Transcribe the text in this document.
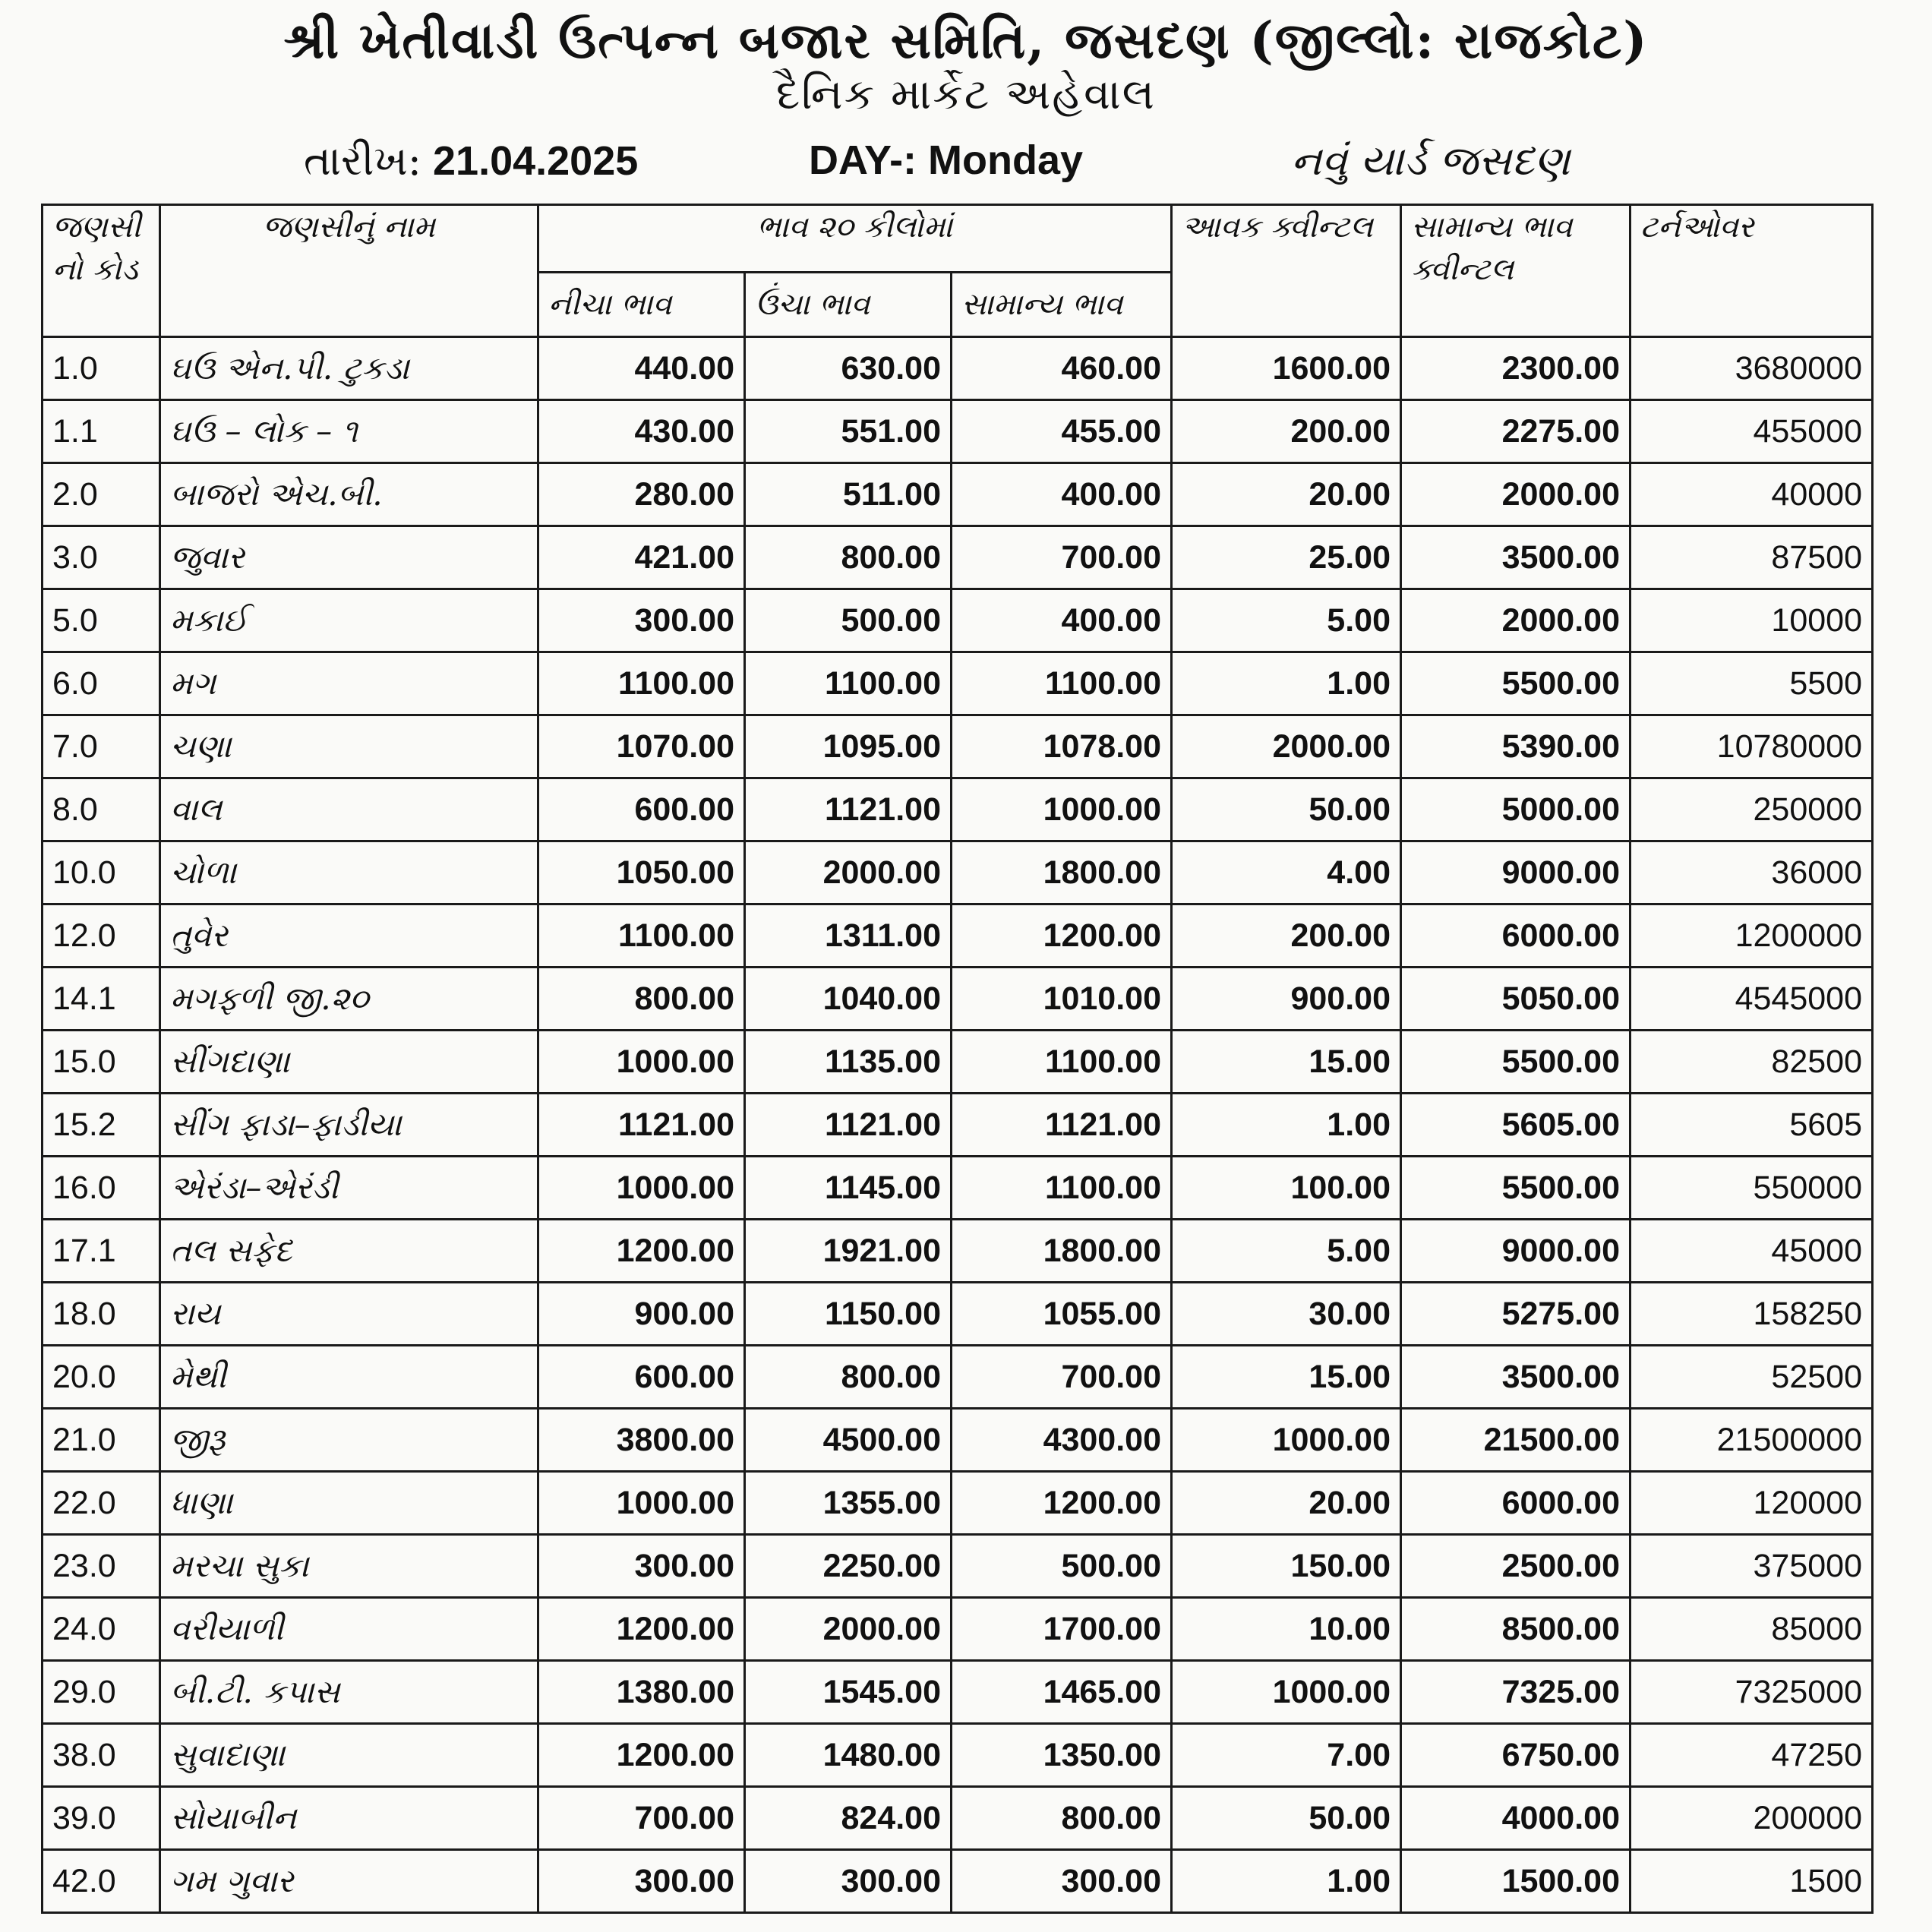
શ્રી ખેતીવાડી ઉત્પન્ન બજાર સમિતિ, જસદણ (જીલ્લો: રાજકોટ)
દૈનિક માર્કેટ અહેવાલ
તારીખ: 21.04.2025	DAY-: Monday	નવું યાર્ડ જસદણ
જણસી નો કોડ	જણસીનું નામ	ભાવ ૨૦ કીલોમાં			આવક ક્વીન્ટલ	સામાન્ય ભાવ ક્વીન્ટલ	ટર્નઓવર
		નીચા ભાવ	ઉંચા ભાવ	સામાન્ય ભાવ			
1.0	ઘઉ એન.પી. ટુકડા	440.00	630.00	460.00	1600.00	2300.00	3680000
1.1	ઘઉ – લોક – ૧	430.00	551.00	455.00	200.00	2275.00	455000
2.0	બાજરો એચ.બી.	280.00	511.00	400.00	20.00	2000.00	40000
3.0	જુવાર	421.00	800.00	700.00	25.00	3500.00	87500
5.0	મકાઈ	300.00	500.00	400.00	5.00	2000.00	10000
6.0	મગ	1100.00	1100.00	1100.00	1.00	5500.00	5500
7.0	ચણા	1070.00	1095.00	1078.00	2000.00	5390.00	10780000
8.0	વાલ	600.00	1121.00	1000.00	50.00	5000.00	250000
10.0	ચોળા	1050.00	2000.00	1800.00	4.00	9000.00	36000
12.0	તુવેર	1100.00	1311.00	1200.00	200.00	6000.00	1200000
14.1	મગફળી જી.૨૦	800.00	1040.00	1010.00	900.00	5050.00	4545000
15.0	સીંગદાણા	1000.00	1135.00	1100.00	15.00	5500.00	82500
15.2	સીંગ ફાડા–ફાડીયા	1121.00	1121.00	1121.00	1.00	5605.00	5605
16.0	એરંડા–એરંડી	1000.00	1145.00	1100.00	100.00	5500.00	550000
17.1	તલ સફેદ	1200.00	1921.00	1800.00	5.00	9000.00	45000
18.0	રાય	900.00	1150.00	1055.00	30.00	5275.00	158250
20.0	મેથી	600.00	800.00	700.00	15.00	3500.00	52500
21.0	જીરૂ	3800.00	4500.00	4300.00	1000.00	21500.00	21500000
22.0	ધાણા	1000.00	1355.00	1200.00	20.00	6000.00	120000
23.0	મરચા સુકા	300.00	2250.00	500.00	150.00	2500.00	375000
24.0	વરીયાળી	1200.00	2000.00	1700.00	10.00	8500.00	85000
29.0	બી.ટી. કપાસ	1380.00	1545.00	1465.00	1000.00	7325.00	7325000
38.0	સુવાદાણા	1200.00	1480.00	1350.00	7.00	6750.00	47250
39.0	સોયાબીન	700.00	824.00	800.00	50.00	4000.00	200000
42.0	ગમ ગુવાર	300.00	300.00	300.00	1.00	1500.00	1500
